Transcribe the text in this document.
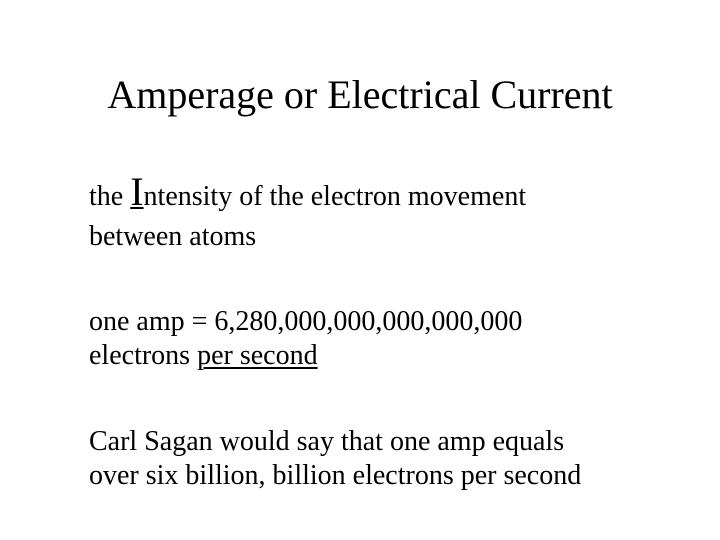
Amperage or Electrical Current

the Intensity of the electron movement
between atoms

one amp = 6,280,000,000,000,000,000
electrons per second

Carl Sagan would say that one amp equals
over six billion, billion electrons per second
